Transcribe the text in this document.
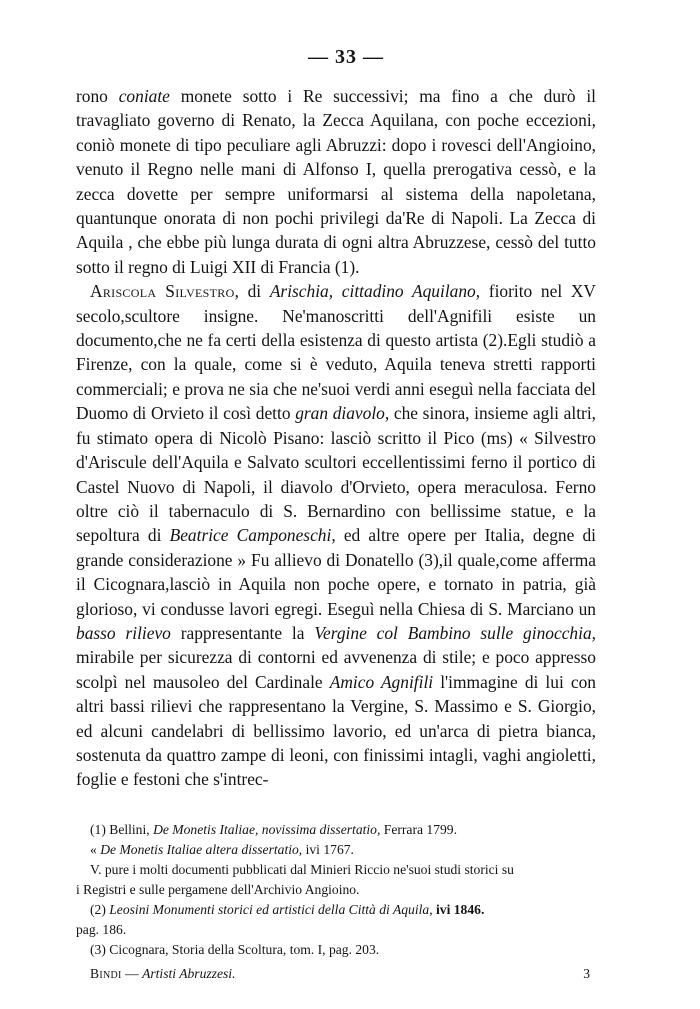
— 33 —

rono coniate monete sotto i Re successivi; ma fino a che durò il travagliato governo di Renato, la Zecca Aquilana, con poche eccezioni, coniò monete di tipo peculiare agli Abruzzi: dopo i rovesci dell'Angioino, venuto il Regno nelle mani di Alfonso I, quella prerogativa cessò, e la zecca dovette per sempre uniformarsi al sistema della napoletana, quantunque onorata di non pochi privilegi da'Re di Napoli. La Zecca di Aquila , che ebbe più lunga durata di ogni altra Abruzzese, cessò del tutto sotto il regno di Luigi XII di Francia (1).

Ariscola Silvestro, di Arischia, cittadino Aquilano, fiorito nel XV secolo,scultore insigne. Ne'manoscritti dell'Agnifili esiste un documento,che ne fa certi della esistenza di questo artista (2).Egli studiò a Firenze, con la quale, come si è veduto, Aquila teneva stretti rapporti commerciali; e prova ne sia che ne'suoi verdi anni eseguì nella facciata del Duomo di Orvieto il così detto gran diavolo, che sinora, insieme agli altri, fu stimato opera di Nicolò Pisano: lasciò scritto il Pico (ms) « Silvestro d'Ariscule dell'Aquila e Salvato scultori eccellentissimi ferno il portico di Castel Nuovo di Napoli, il diavolo d'Orvieto, opera meraculosa. Ferno oltre ciò il tabernaculo di S. Bernardino con bellissime statue, e la sepoltura di Beatrice Camponeschi, ed altre opere per Italia, degne di grande considerazione » Fu allievo di Donatello (3),il quale,come afferma il Cicognara,lasciò in Aquila non poche opere, e tornato in patria, già glorioso, vi condusse lavori egregi. Eseguì nella Chiesa di S. Marciano un basso rilievo rappresentante la Vergine col Bambino sulle ginocchia, mirabile per sicurezza di contorni ed avvenenza di stile; e poco appresso scolpì nel mausoleo del Cardinale Amico Agnifili l'immagine di lui con altri bassi rilievi che rappresentano la Vergine, S. Massimo e S. Giorgio, ed alcuni candelabri di bellissimo lavorio, ed un'arca di pietra bianca, sostenuta da quattro zampe di leoni, con finissimi intagli, vaghi angioletti, foglie e festoni che s'intrec-

(1) Bellini, De Monetis Italiae, novissima dissertatio, Ferrara 1799.

« De Monetis Italiae altera dissertatio, ivi 1767.

V. pure i molti documenti pubblicati dal Minieri Riccio ne'suoi studi storici su

i Registri e sulle pergamene dell'Archivio Angioino.

(2) Leosini Monumenti storici ed artistici della Città di Aquila, ivi 1846.

pag. 186.

(3) Cicognara, Storia della Scoltura, tom. I, pag. 203.

Bindi — Artisti Abruzzesi.	3
